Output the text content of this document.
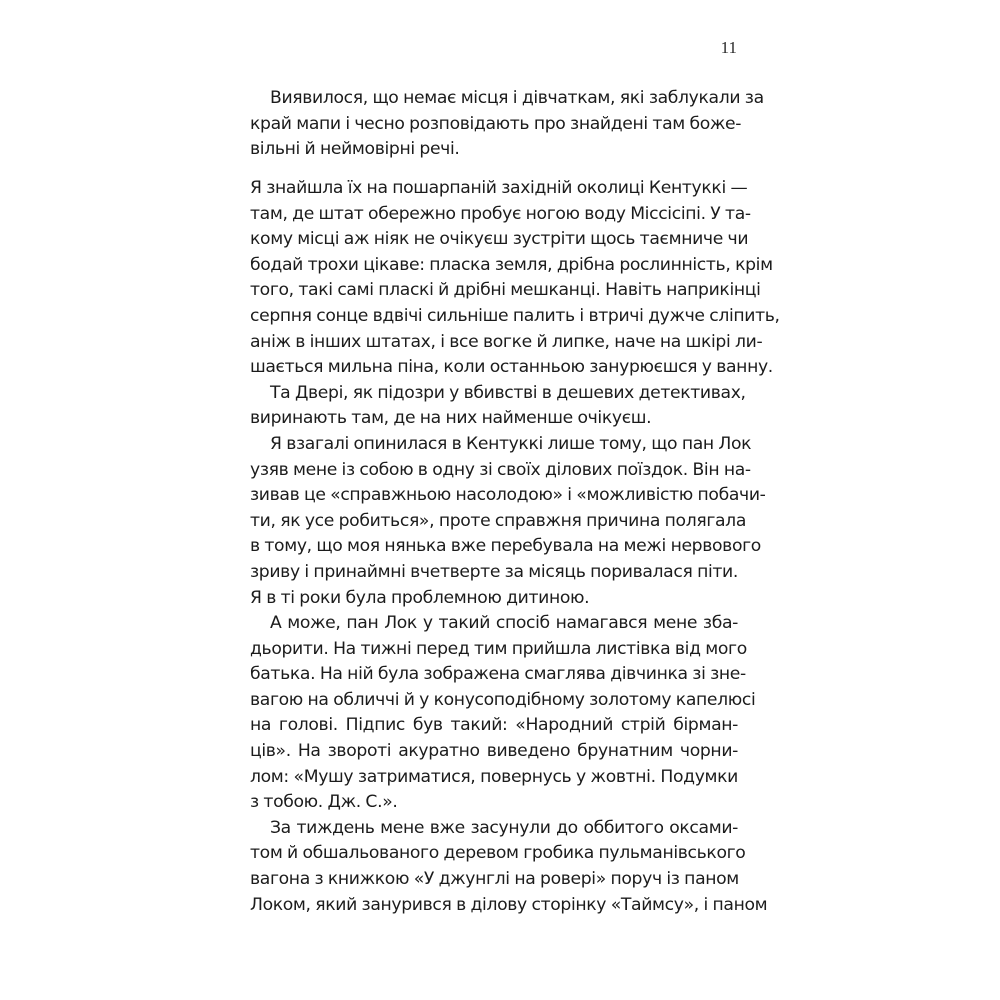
11
Виявилося, що немає місця і дівчаткам, які заблукали за
край мапи і чесно розповідають про знайдені там боже-
вільні й неймовірні речі.
Я знайшла їх на пошарпаній західній околиці Кентуккі —
там, де штат обережно пробує ногою воду Міссісіпі. У та-
кому місці аж ніяк не очікуєш зустріти щось таємниче чи
бодай трохи цікаве: пласка земля, дрібна рослинність, крім
того, такі самі пласкі й дрібні мешканці. Навіть наприкінці
серпня сонце вдвічі сильніше палить і втричі дужче сліпить,
аніж в інших штатах, і все вогке й липке, наче на шкірі ли-
шається мильна піна, коли останньою занурюєшся у ванну.
Та Двері, як підозри у вбивстві в дешевих детективах,
виринають там, де на них найменше очікуєш.
Я взагалі опинилася в Кентуккі лише тому, що пан Лок
узяв мене із собою в одну зі своїх ділових поїздок. Він на-
зивав це «справжньою насолодою» і «можливістю побачи-
ти, як усе робиться», проте справжня причина полягала
в тому, що моя нянька вже перебувала на межі нервового
зриву і принаймні вчетверте за місяць поривалася піти.
Я в ті роки була проблемною дитиною.
А може, пан Лок у такий спосіб намагався мене зба-
дьорити. На тижні перед тим прийшла листівка від мого
батька. На ній була зображена смаглява дівчинка зі зне-
вагою на обличчі й у конусоподібному золотому капелюсі
на голові. Підпис був такий: «Народний стрій бірман-
ців». На звороті акуратно виведено брунатним чорни-
лом: «Мушу затриматися, повернусь у жовтні. Подумки
з тобою. Дж. С.».
За тиждень мене вже засунули до оббитого оксами-
том й обшальованого деревом гробика пульманівського
вагона з книжкою «У джунглі на ровері» поруч із паном
Локом, який занурився в ділову сторінку «Таймсу», і паном
